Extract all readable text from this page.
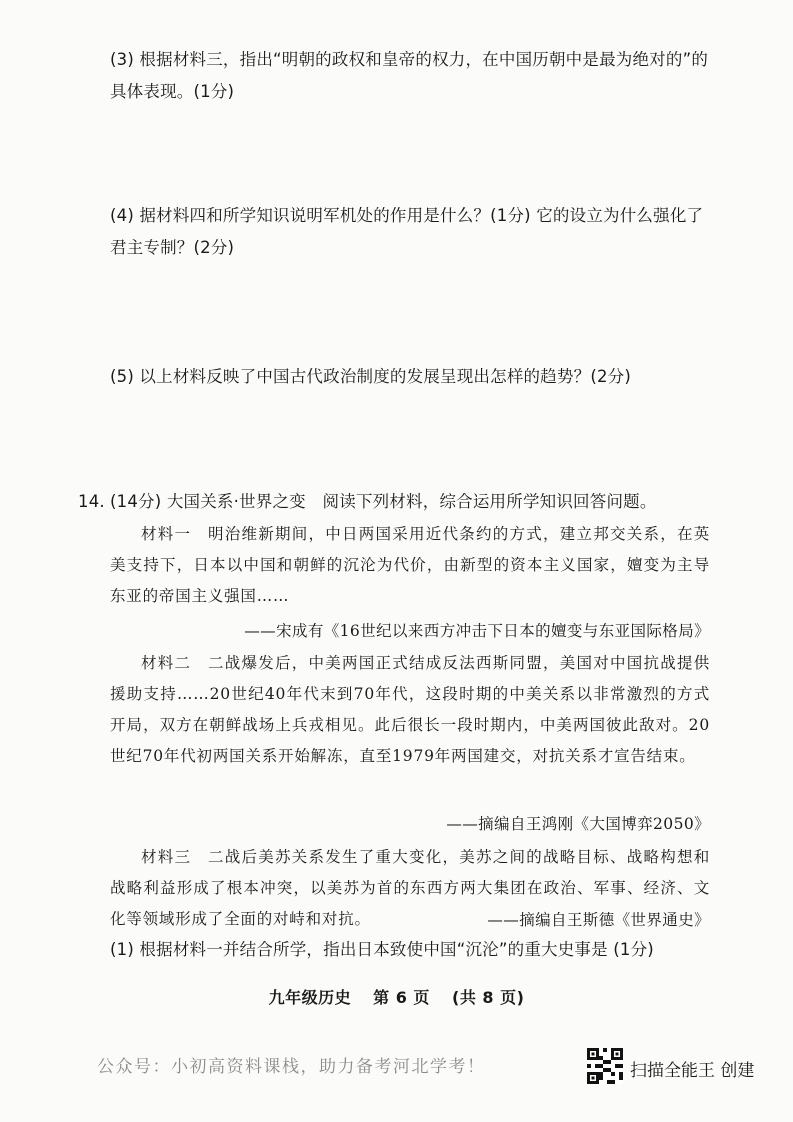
(3) 根据材料三，指出“明朝的政权和皇帝的权力，在中国历朝中是最为绝对的”的具体表现。(1分)

(4) 据材料四和所学知识说明军机处的作用是什么？(1分) 它的设立为什么强化了君主专制？(2分)

(5) 以上材料反映了中国古代政治制度的发展呈现出怎样的趋势？(2分)

14. (14分) 大国关系·世界之变　阅读下列材料，综合运用所学知识回答问题。

材料一　明治维新期间，中日两国采用近代条约的方式，建立邦交关系，在英美支持下，日本以中国和朝鲜的沉沦为代价，由新型的资本主义国家，嬗变为主导东亚的帝国主义强国……

——宋成有《16世纪以来西方冲击下日本的嬗变与东亚国际格局》

材料二　二战爆发后，中美两国正式结成反法西斯同盟，美国对中国抗战提供援助支持……20世纪40年代末到70年代，这段时期的中美关系以非常激烈的方式开局，双方在朝鲜战场上兵戎相见。此后很长一段时期内，中美两国彼此敌对。20世纪70年代初两国关系开始解冻，直至1979年两国建交，对抗关系才宣告结束。

——摘编自王鸿刚《大国博弈2050》

材料三　二战后美苏关系发生了重大变化，美苏之间的战略目标、战略构想和战略利益形成了根本冲突，以美苏为首的东西方两大集团在政治、军事、经济、文化等领域形成了全面的对峙和对抗。	——摘编自王斯德《世界通史》

(1) 根据材料一并结合所学，指出日本致使中国“沉沦”的重大史事是 (1分)

九年级历史 第 6 页 (共 8 页)

公众号：小初高资料课栈，助力备考河北学考！	扫描全能王 创建
